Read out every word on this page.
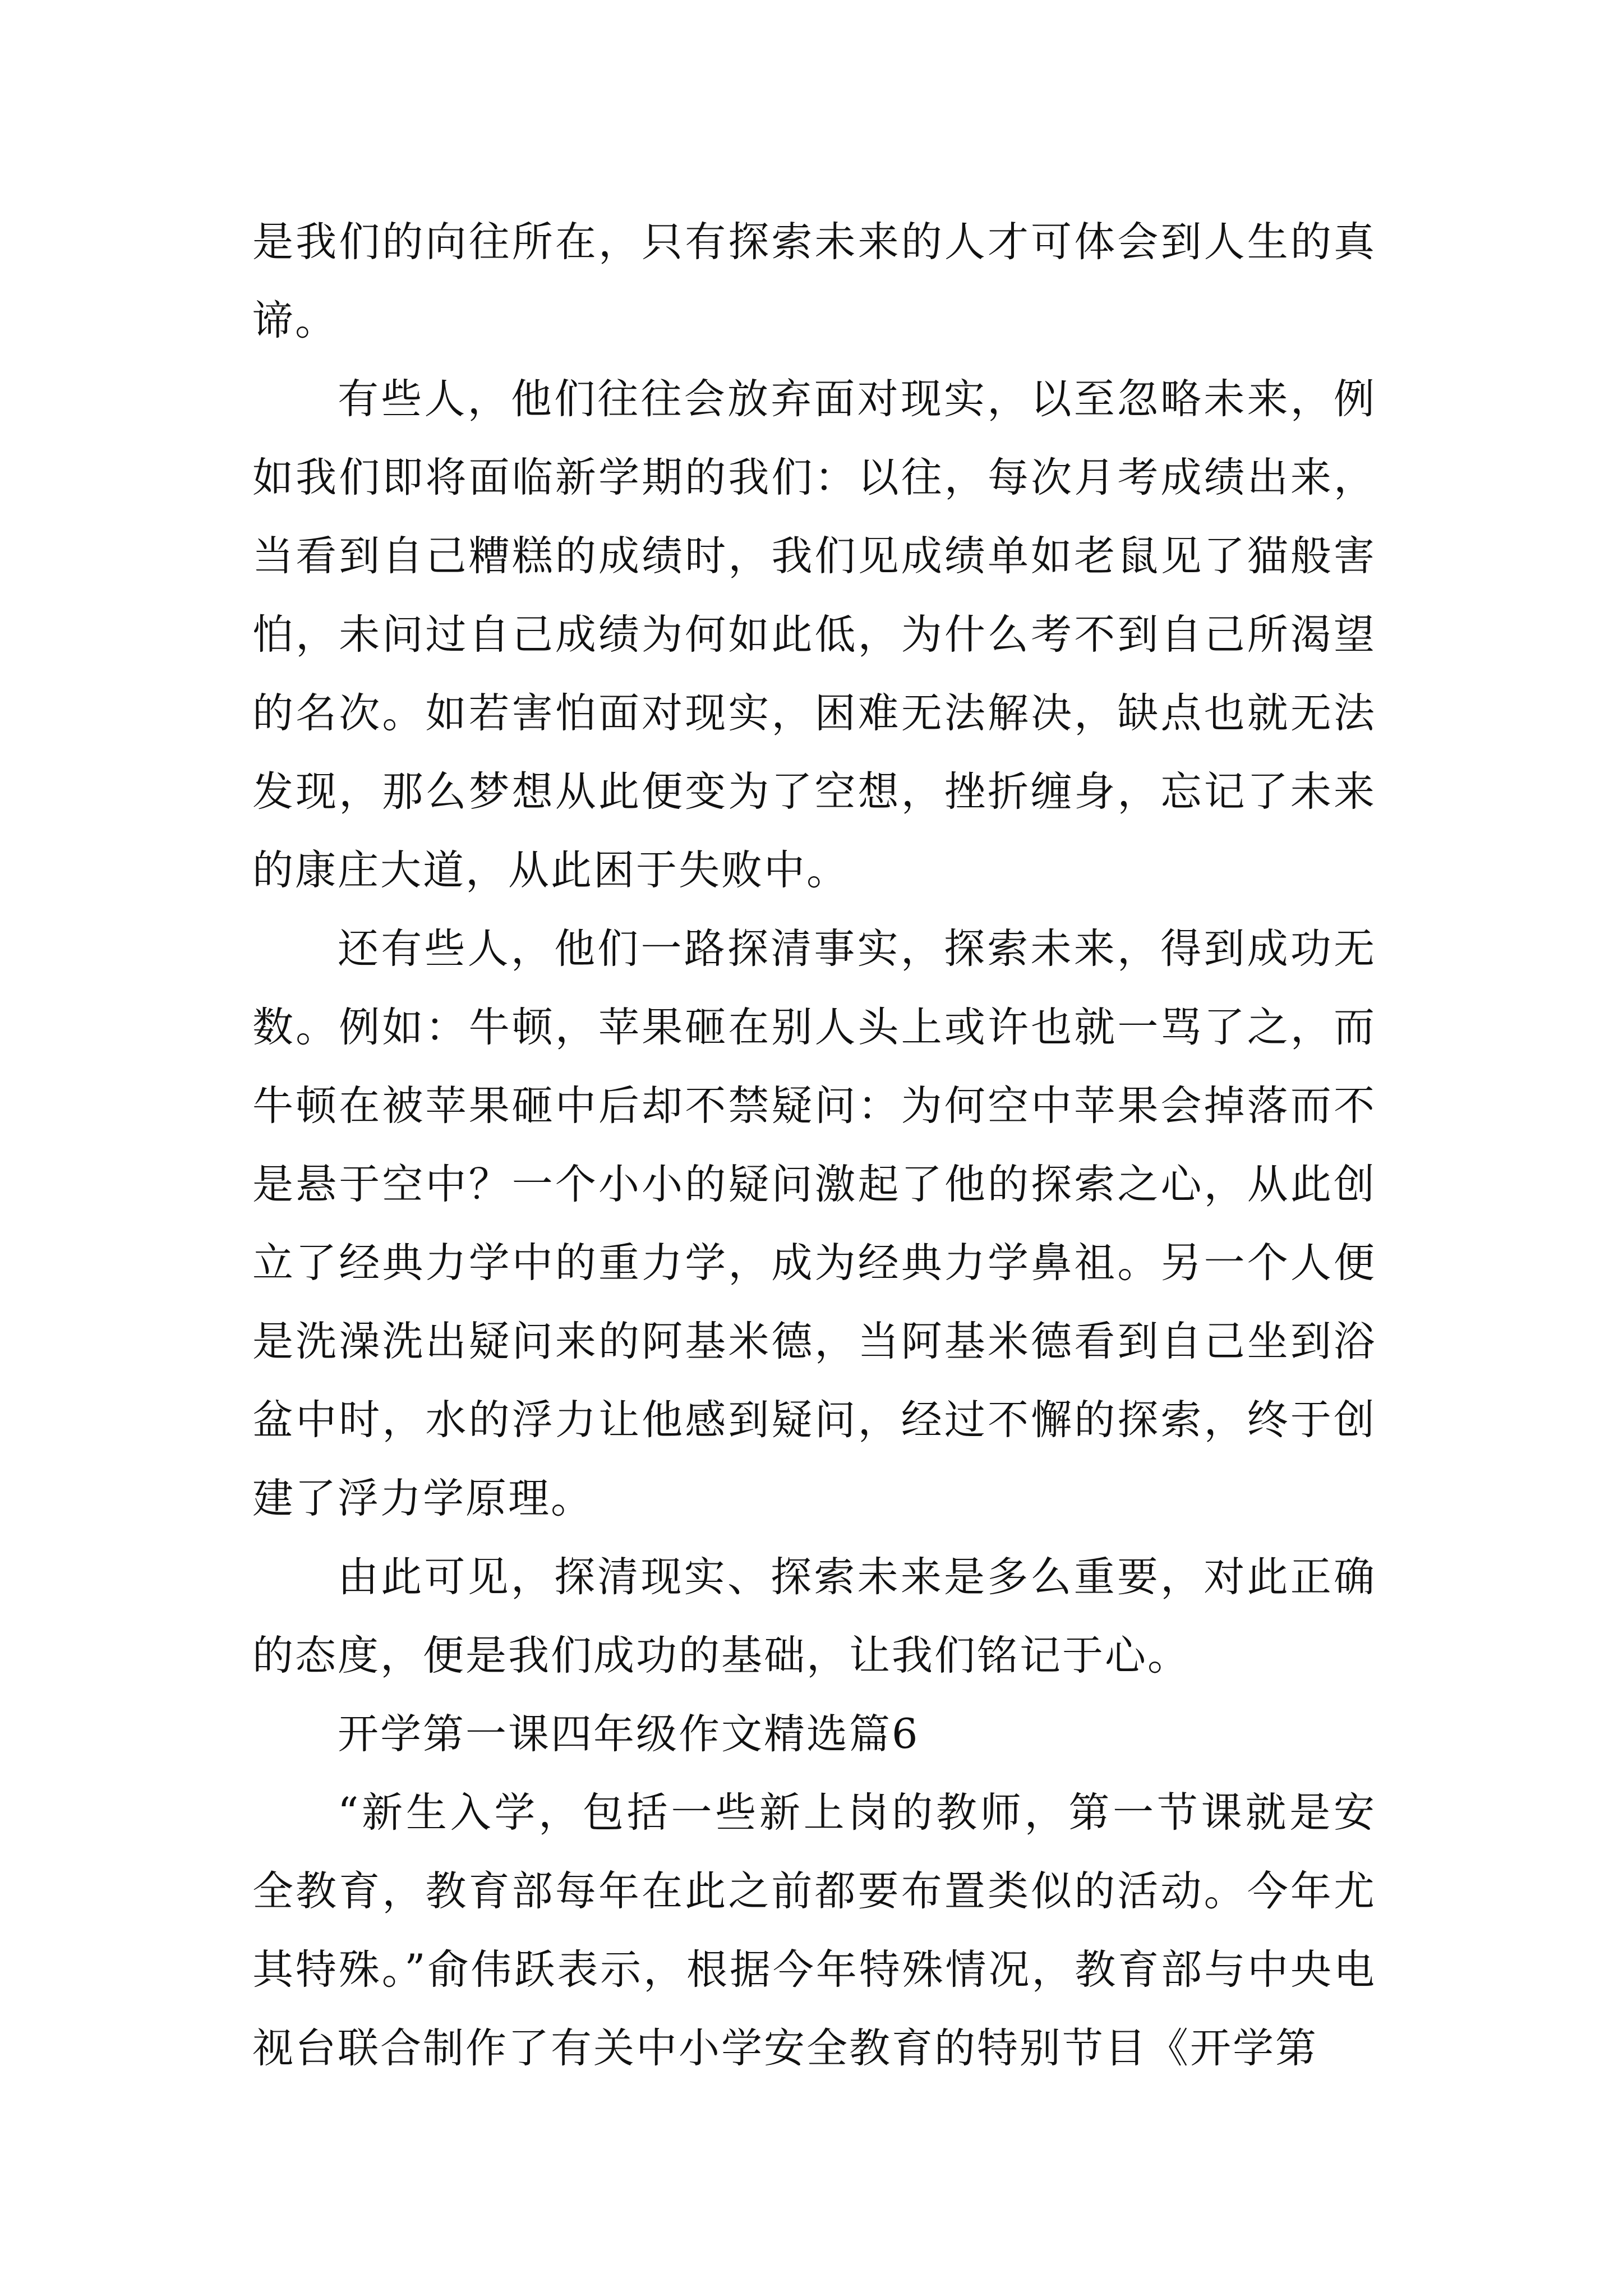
是我们的向往所在，只有探索未来的人才可体会到人生的真谛。

有些人，他们往往会放弃面对现实，以至忽略未来，例如我们即将面临新学期的我们：以往，每次月考成绩出来，当看到自己糟糕的成绩时，我们见成绩单如老鼠见了猫般害怕，未问过自己成绩为何如此低，为什么考不到自己所渴望的名次。如若害怕面对现实，困难无法解决，缺点也就无法发现，那么梦想从此便变为了空想，挫折缠身，忘记了未来的康庄大道，从此困于失败中。

还有些人，他们一路探清事实，探索未来，得到成功无数。例如：牛顿，苹果砸在别人头上或许也就一骂了之，而牛顿在被苹果砸中后却不禁疑问：为何空中苹果会掉落而不是悬于空中？一个小小的疑问激起了他的探索之心，从此创立了经典力学中的重力学，成为经典力学鼻祖。另一个人便是洗澡洗出疑问来的阿基米德，当阿基米德看到自己坐到浴盆中时，水的浮力让他感到疑问，经过不懈的探索，终于创建了浮力学原理。

由此可见，探清现实、探索未来是多么重要，对此正确的态度，便是我们成功的基础，让我们铭记于心。

开学第一课四年级作文精选篇6

“新生入学，包括一些新上岗的教师，第一节课就是安全教育，教育部每年在此之前都要布置类似的活动。今年尤其特殊。”俞伟跃表示，根据今年特殊情况，教育部与中央电视台联合制作了有关中小学安全教育的特别节目《开学第
